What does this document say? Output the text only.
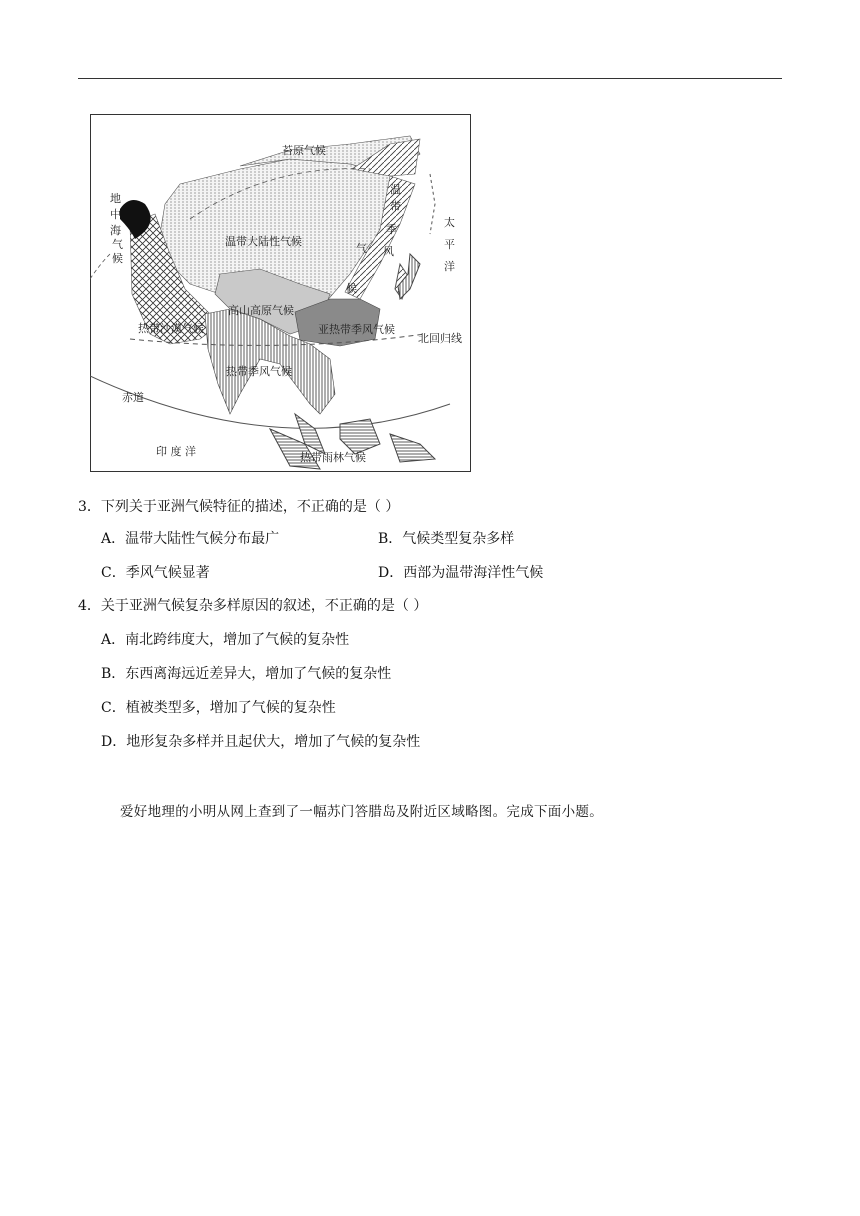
苔原气候
温带大陆性气候
高山高原气候
亚热带季风气候
热带沙漠气候
热带季风气候
热带雨林气候
北回归线
赤道
印 度 洋
太
平
洋
温
带
季
风
气
候
地
中
海
气
候
3．下列关于亚洲气候特征的描述，不正确的是（ ）
A．温带大陆性气候分布最广	B．气候类型复杂多样
C．季风气候显著	D．西部为温带海洋性气候
4．关于亚洲气候复杂多样原因的叙述，不正确的是（ ）
A．南北跨纬度大，增加了气候的复杂性
B．东西离海远近差异大，增加了气候的复杂性
C．植被类型多，增加了气候的复杂性
D．地形复杂多样并且起伏大，增加了气候的复杂性
爱好地理的小明从网上查到了一幅苏门答腊岛及附近区域略图。完成下面小题。
